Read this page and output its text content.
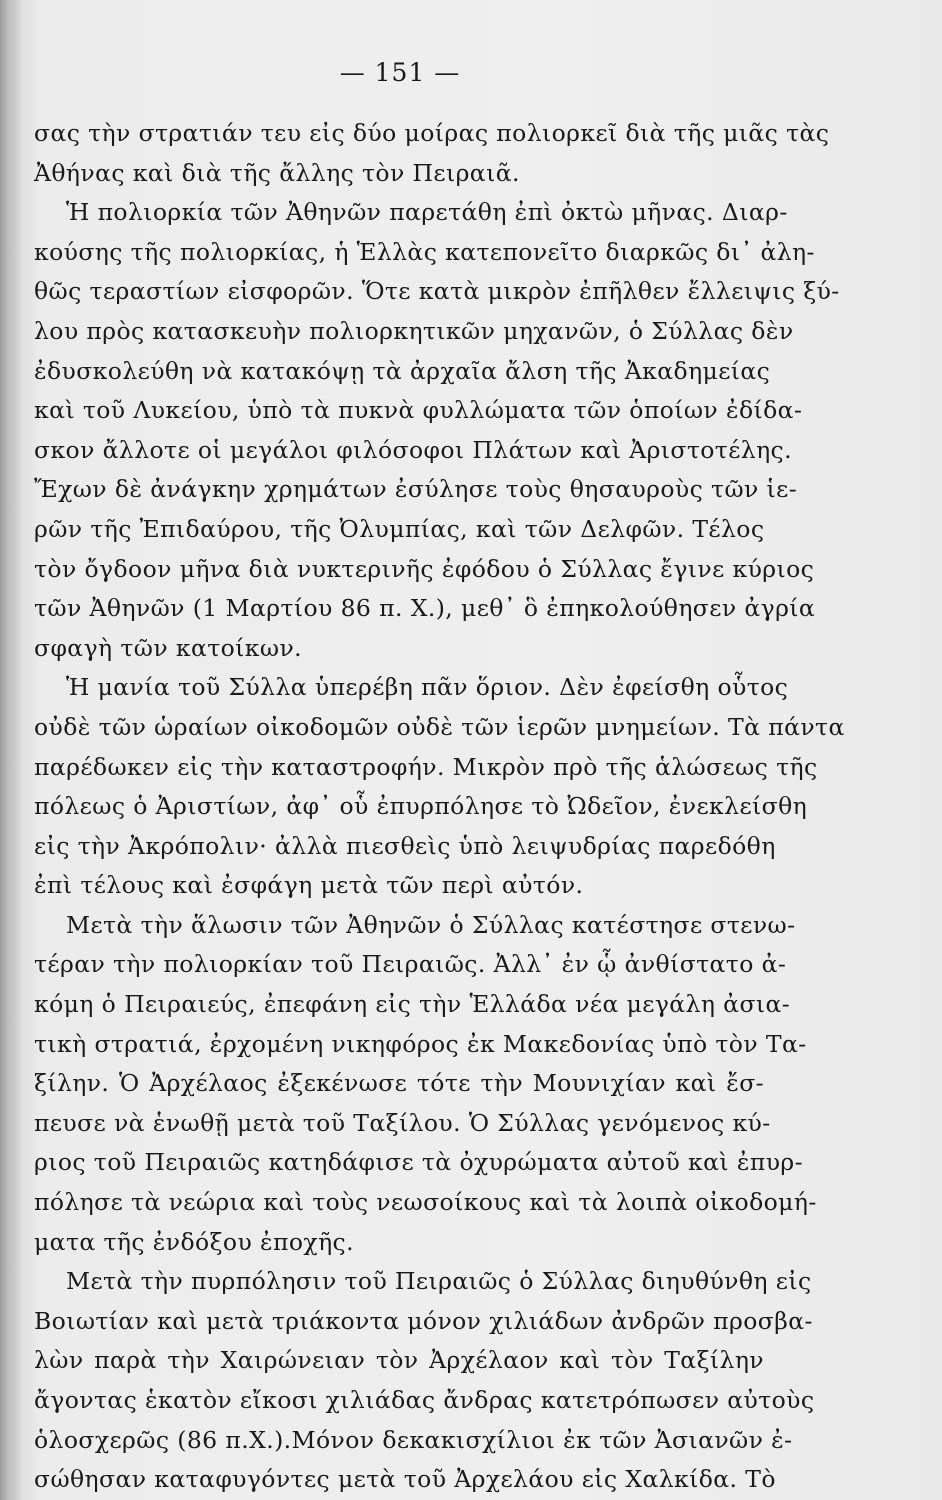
— 151 —
σας τὴν στρατιάν τευ εἰς δύο μοίρας πολιορκεῖ διὰ τῆς μιᾶς τὰς
Ἀθήνας καὶ διὰ τῆς ἄλλης τὸν Πειραιᾶ.
Ἡ πολιορκία τῶν Ἀθηνῶν παρετάθη ἐπὶ ὀκτὼ μῆνας. Διαρ-
κούσης τῆς πολιορκίας, ἡ Ἑλλὰς κατεπονεῖτο διαρκῶς δι᾽ ἀλη-
θῶς τεραστίων εἰσφορῶν. Ὅτε κατὰ μικρὸν ἐπῆλθεν ἔλλειψις ξύ-
λου πρὸς κατασκευὴν πολιορκητικῶν μηχανῶν, ὁ Σύλλας δὲν
ἐδυσκολεύθη νὰ κατακόψῃ τὰ ἀρχαῖα ἄλση τῆς Ἀκαδημείας
καὶ τοῦ Λυκείου, ὑπὸ τὰ πυκνὰ φυλλώματα τῶν ὁποίων ἐδίδα-
σκον ἄλλοτε οἱ μεγάλοι φιλόσοφοι Πλάτων καὶ Ἀριστοτέλης.
Ἔχων δὲ ἀνάγκην χρημάτων ἐσύλησε τοὺς θησαυροὺς τῶν ἱε-
ρῶν τῆς Ἐπιδαύρου, τῆς Ὀλυμπίας, καὶ τῶν Δελφῶν. Τέλος
τὸν ὄγδοον μῆνα διὰ νυκτερινῆς ἐφόδου ὁ Σύλλας ἔγινε κύριος
τῶν Ἀθηνῶν (1 Μαρτίου 86 π. Χ.), μεθ᾽ ὃ ἐπηκολούθησεν ἀγρία
σφαγὴ τῶν κατοίκων.
Ἡ μανία τοῦ Σύλλα ὑπερέβη πᾶν ὅριον. Δὲν ἐφείσθη οὗτος
οὐδὲ τῶν ὡραίων οἰκοδομῶν οὐδὲ τῶν ἱερῶν μνημείων. Τὰ πάντα
παρέδωκεν εἰς τὴν καταστροφήν. Μικρὸν πρὸ τῆς ἁλώσεως τῆς
πόλεως ὁ Ἀριστίων, ἀφ᾽ οὗ ἐπυρπόλησε τὸ Ὠδεῖον, ἐνεκλείσθη
εἰς τὴν Ἀκρόπολιν· ἀλλὰ πιεσθεὶς ὑπὸ λειψυδρίας παρεδόθη
ἐπὶ τέλους καὶ ἐσφάγη μετὰ τῶν περὶ αὐτόν.
Μετὰ τὴν ἅλωσιν τῶν Ἀθηνῶν ὁ Σύλλας κατέστησε στενω-
τέραν τὴν πολιορκίαν τοῦ Πειραιῶς. Ἀλλ᾽ ἐν ᾧ ἀνθίστατο ἀ-
κόμη ὁ Πειραιεύς, ἐπεφάνη εἰς τὴν Ἑλλάδα νέα μεγάλη ἀσια-
τικὴ στρατιά, ἐρχομένη νικηφόρος ἐκ Μακεδονίας ὑπὸ τὸν Τα-
ξίλην. Ὁ Ἀρχέλαος ἐξεκένωσε τότε τὴν Μουνιχίαν καὶ ἔσ-
πευσε νὰ ἑνωθῇ μετὰ τοῦ Ταξίλου. Ὁ Σύλλας γενόμενος κύ-
ριος τοῦ Πειραιῶς κατηδάφισε τὰ ὀχυρώματα αὐτοῦ καὶ ἐπυρ-
πόλησε τὰ νεώρια καὶ τοὺς νεωσοίκους καὶ τὰ λοιπὰ οἰκοδομή-
ματα τῆς ἐνδόξου ἐποχῆς.
Μετὰ τὴν πυρπόλησιν τοῦ Πειραιῶς ὁ Σύλλας διηυθύνθη εἰς
Βοιωτίαν καὶ μετὰ τριάκοντα μόνον χιλιάδων ἀνδρῶν προσβα-
λὼν παρὰ τὴν Χαιρώνειαν τὸν Ἀρχέλαον καὶ τὸν Ταξίλην
ἄγοντας ἑκατὸν εἴκοσι χιλιάδας ἄνδρας κατετρόπωσεν αὐτοὺς
ὁλοσχερῶς (86 π.Χ.).Μόνον δεκακισχίλιοι ἐκ τῶν Ἀσιανῶν ἐ-
σώθησαν καταφυγόντες μετὰ τοῦ Ἀρχελάου εἰς Χαλκίδα. Τὸ
